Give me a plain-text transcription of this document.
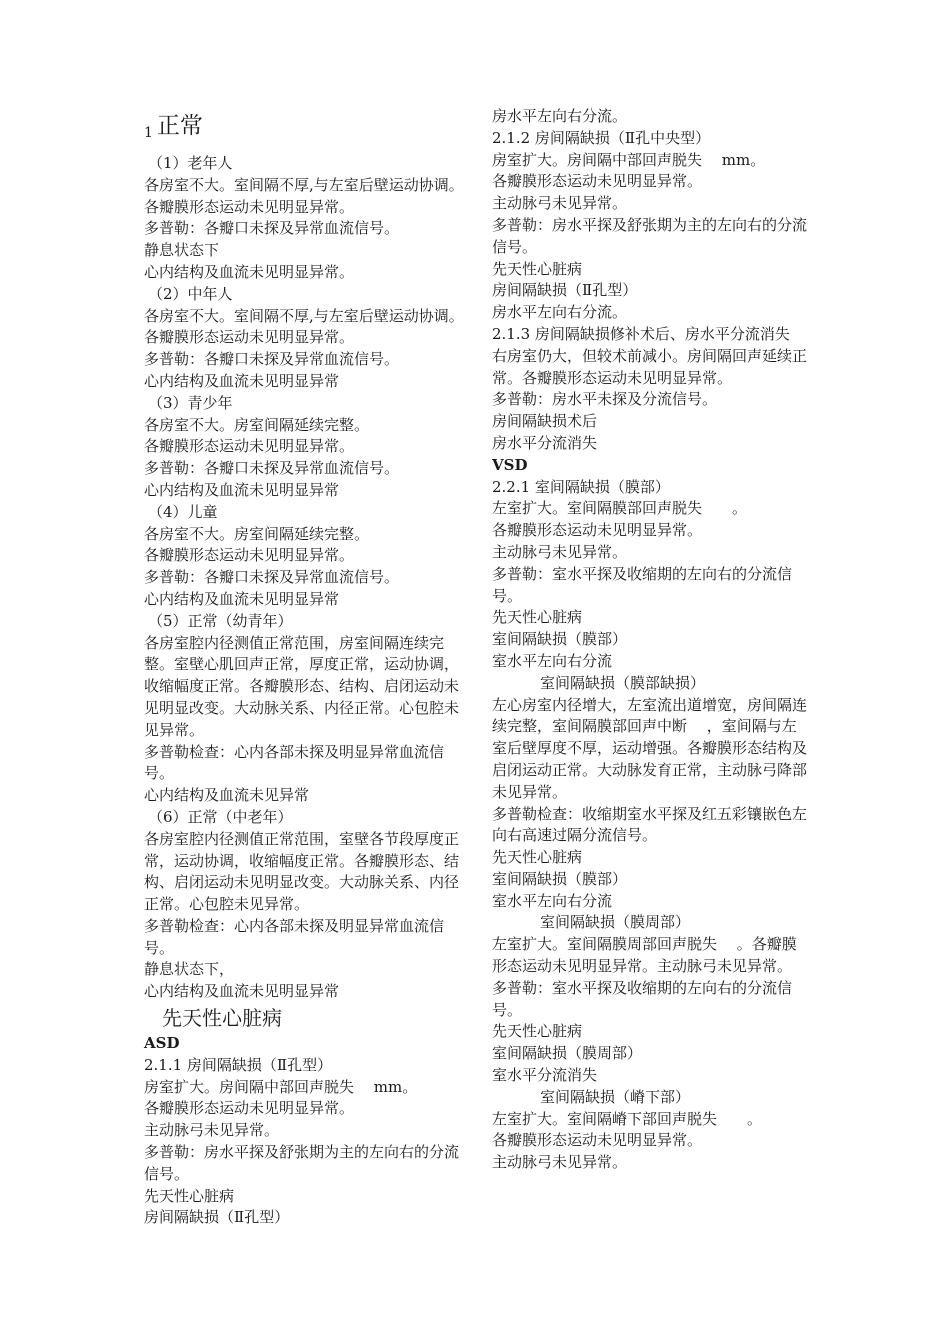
1 正常

（1）老年人

各房室不大。室间隔不厚,与左室后壁运动协调。各瓣膜形态运动未见明显异常。

多普勒：各瓣口未探及异常血流信号。

静息状态下

心内结构及血流未见明显异常。

（2）中年人

各房室不大。室间隔不厚,与左室后壁运动协调。各瓣膜形态运动未见明显异常。

多普勒：各瓣口未探及异常血流信号。

心内结构及血流未见明显异常

（3）青少年

各房室不大。房室间隔延续完整。

各瓣膜形态运动未见明显异常。

多普勒：各瓣口未探及异常血流信号。

心内结构及血流未见明显异常

（4）儿童

各房室不大。房室间隔延续完整。

各瓣膜形态运动未见明显异常。

多普勒：各瓣口未探及异常血流信号。

心内结构及血流未见明显异常

（5）正常（幼青年）

各房室腔内径测值正常范围，房室间隔连续完整。室壁心肌回声正常，厚度正常，运动协调，收缩幅度正常。各瓣膜形态、结构、启闭运动未见明显改变。大动脉关系、内径正常。心包腔未见异常。

多普勒检查：心内各部未探及明显异常血流信号。

心内结构及血流未见异常

（6）正常（中老年）

各房室腔内径测值正常范围，室壁各节段厚度正常，运动协调，收缩幅度正常。各瓣膜形态、结构、启闭运动未见明显改变。大动脉关系、内径正常。心包腔未见异常。

多普勒检查：心内各部未探及明显异常血流信号。

静息状态下，

心内结构及血流未见明显异常

先天性心脏病

ASD

2.1.1 房间隔缺损（Ⅱ孔型）

房室扩大。房间隔中部回声脱失　 mm。

各瓣膜形态运动未见明显异常。

主动脉弓未见异常。

多普勒：房水平探及舒张期为主的左向右的分流信号。

先天性心脏病

房间隔缺损（Ⅱ孔型）

房水平左向右分流。

2.1.2 房间隔缺损（Ⅱ孔中央型）

房室扩大。房间隔中部回声脱失　 mm。

各瓣膜形态运动未见明显异常。

主动脉弓未见异常。

多普勒：房水平探及舒张期为主的左向右的分流信号。

先天性心脏病

房间隔缺损（Ⅱ孔型）

房水平左向右分流。

2.1.3 房间隔缺损修补术后、房水平分流消失

右房室仍大，但较术前减小。房间隔回声延续正常。各瓣膜形态运动未见明显异常。

多普勒：房水平未探及分流信号。

房间隔缺损术后

房水平分流消失

VSD

2.2.1 室间隔缺损（膜部）

左室扩大。室间隔膜部回声脱失　　。

各瓣膜形态运动未见明显异常。

主动脉弓未见异常。

多普勒：室水平探及收缩期的左向右的分流信号。

先天性心脏病

室间隔缺损（膜部）

室水平左向右分流

室间隔缺损（膜部缺损）

左心房室内径增大，左室流出道增宽，房间隔连续完整，室间隔膜部回声中断　 ，室间隔与左室后壁厚度不厚，运动增强。各瓣膜形态结构及启闭运动正常。大动脉发育正常，主动脉弓降部未见异常。

多普勒检查：收缩期室水平探及红五彩镶嵌色左向右高速过隔分流信号。

先天性心脏病

室间隔缺损（膜部）

室水平左向右分流

室间隔缺损（膜周部）

左室扩大。室间隔膜周部回声脱失　 。各瓣膜形态运动未见明显异常。主动脉弓未见异常。

多普勒：室水平探及收缩期的左向右的分流信号。

先天性心脏病

室间隔缺损（膜周部）

室水平分流消失

室间隔缺损（嵴下部）

左室扩大。室间隔嵴下部回声脱失　　。

各瓣膜形态运动未见明显异常。

主动脉弓未见异常。
